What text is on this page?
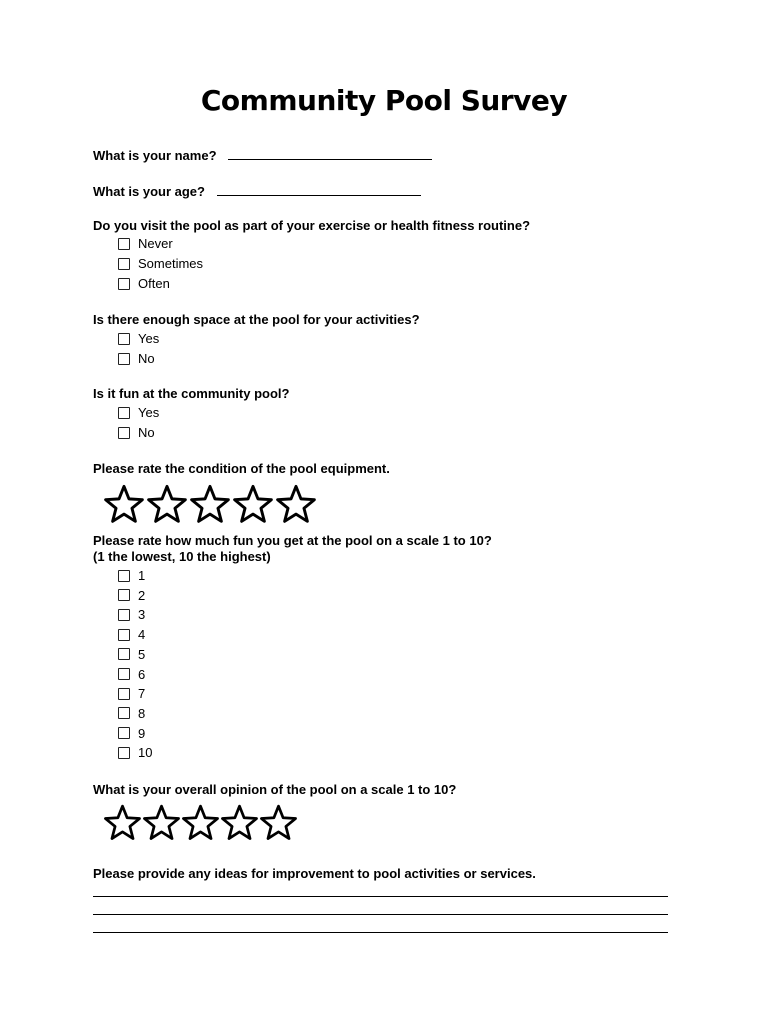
Community Pool Survey
What is your name?
What is your age?
Do you visit the pool as part of your exercise or health fitness routine?
Never
Sometimes
Often
Is there enough space at the pool for your activities?
Yes
No
Is it fun at the community pool?
Yes
No
Please rate the condition of the pool equipment.
Please rate how much fun you get at the pool on a scale 1 to 10?
(1 the lowest, 10 the highest)
1
2
3
4
5
6
7
8
9
10
What is your overall opinion of the pool on a scale 1 to 10?
Please provide any ideas for improvement to pool activities or services.
